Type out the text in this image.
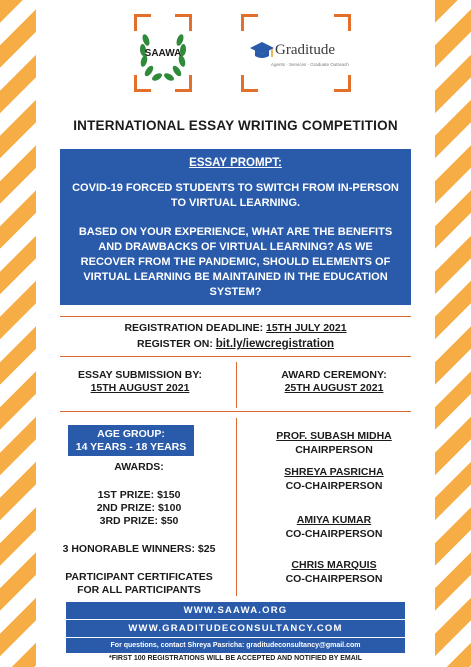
SAAWA	Graditude
Agents · Services · Graduate Outreach
INTERNATIONAL ESSAY WRITING COMPETITION

ESSAY PROMPT:

COVID-19 FORCED STUDENTS TO SWITCH FROM IN-PERSON TO VIRTUAL LEARNING.

BASED ON YOUR EXPERIENCE, WHAT ARE THE BENEFITS AND DRAWBACKS OF VIRTUAL LEARNING? AS WE RECOVER FROM THE PANDEMIC, SHOULD ELEMENTS OF VIRTUAL LEARNING BE MAINTAINED IN THE EDUCATION SYSTEM?

REGISTRATION DEADLINE: 15TH JULY 2021
REGISTER ON: bit.ly/iewcregistration
ESSAY SUBMISSION BY:
15TH AUGUST 2021
AWARD CEREMONY:
25TH AUGUST 2021
AGE GROUP:
14 YEARS - 18 YEARS
AWARDS:
1ST PRIZE: $150
2ND PRIZE: $100
3RD PRIZE: $50
3 HONORABLE WINNERS: $25
PARTICIPANT CERTIFICATES
FOR ALL PARTICIPANTS
PROF. SUBASH MIDHA
CHAIRPERSON
SHREYA PASRICHA
CO-CHAIRPERSON
AMIYA KUMAR
CO-CHAIRPERSON
CHRIS MARQUIS
CO-CHAIRPERSON
WWW.SAAWA.ORG
WWW.GRADITUDECONSULTANCY.COM
For questions, contact Shreya Pasricha: graditudeconsultancy@gmail.com
*FIRST 100 REGISTRATIONS WILL BE ACCEPTED AND NOTIFIED BY EMAIL
